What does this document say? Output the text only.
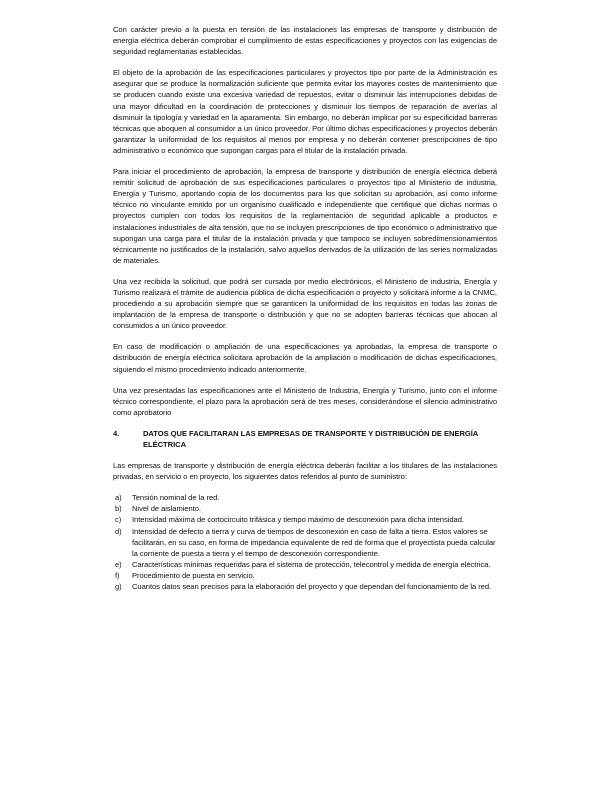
Con carácter previo a la puesta en tensión de las instalaciones las empresas de transporte y distribución de energía eléctrica deberán comprobar el cumplimiento de estas especificaciones y proyectos con las exigencias de seguridad reglamentarias establecidas.

El objeto de la aprobación de las especificaciones particulares y proyectos tipo por parte de la Administración es asegurar que se produce la normalización suficiente que permita evitar los mayores costes de mantenimiento que se producen cuando existe una excesiva variedad de repuestos, evitar o disminuir las interrupciones debidas de una mayor dificultad en la coordinación de protecciones y disminuir los tiempos de reparación de averías al disminuir la tipología y variedad en la aparamenta. Sin embargo, no deberán implicar por su especificidad barreras técnicas que aboquen al consumidor a un único proveedor. Por último dichas especificaciones y proyectos deberán garantizar la uniformidad de los requisitos al menos por empresa y no deberán contener prescripciones de tipo administrativo o económico que supongan cargas para el titular de la instalación privada.

Para iniciar el procedimiento de aprobación, la empresa de transporte y distribución de energía eléctrica deberá remitir solicitud de aprobación de sus especificaciones particulares o proyectos tipo al Ministerio de industria, Energía y Turismo, aportando copia de los documentos para los que solicitan su aprobación, así como informe técnico no vinculante emitido por un organismo cualificado e independiente que certifique que dichas normas o proyectos cumplen con todos los requisitos de la reglamentación de seguridad aplicable a productos e instalaciones industriales de alta tensión, que no se incluyen prescripciones de tipo económico o administrativo que supongan una carga para el titular de la instalación privada y que tampoco se incluyen sobredimensionamientos técnicamente no justificados de la instalación, salvo aquellos derivados de la utilización de las series normalizadas de materiales.

Una vez recibida la solicitud, que podrá ser cursada por medio electrónicos, el Ministerio de industria, Energía y Turismo realizará el trámite de audiencia pública de dicha especificación o proyecto y solicitará informe a la CNMC, procediendo a su aprobación siempre que se garanticen la uniformidad de los requisitos en todas las zonas de implantación de la empresa de transporte o distribución y que no se adopten barreras técnicas que abocan al consumidos a un único proveedor.

En caso de modificación o ampliación de una especificaciones ya aprobadas, la empresa de transporte o distribución de energía eléctrica solicitara aprobación de la ampliación o modificación de dichas especificaciones, siguiendo el mismo procedimiento indicado anteriormente.

Una vez presentadas las especificaciones ante el Ministerio de Industria, Energía y Turismo, junto con el informe técnico correspondiente, el plazo para la aprobación será de tres meses, considerándose el silencio administrativo como aprobatorio

4.	DATOS QUE FACILITARAN LAS EMPRESAS DE TRANSPORTE Y DISTRIBUCIÓN DE ENERGÍA ELÉCTRICA

Las empresas de transporte y distribución de energía eléctrica deberán facilitar a los titulares de las instalaciones privadas, en servicio o en proyecto, los siguientes datos referidos al punto de suministro:

a)	Tensión nominal de la red.
b)	Nivel de aislamiento.
c)	Intensidad máxima de cortocircuito trifásica y tiempo máximo de desconexión para dicha intensidad.
d)	Intensidad de defecto a tierra y curva de tiempos de desconexión en caso de falta a tierra. Estos valores se facilitarán, en su caso, en forma de impedancia equivalente de red de forma que el proyectista pueda calcular la corriente de puesta a tierra y el tiempo de desconexión correspondiente.
e)	Características mínimas requeridas para el sistema de protección, telecontrol y medida de energía eléctrica.
f)	Procedimiento de puesta en servicio.
g)	Cuantos datos sean precisos para la elaboración del proyecto y que dependan del funcionamiento de la red.
